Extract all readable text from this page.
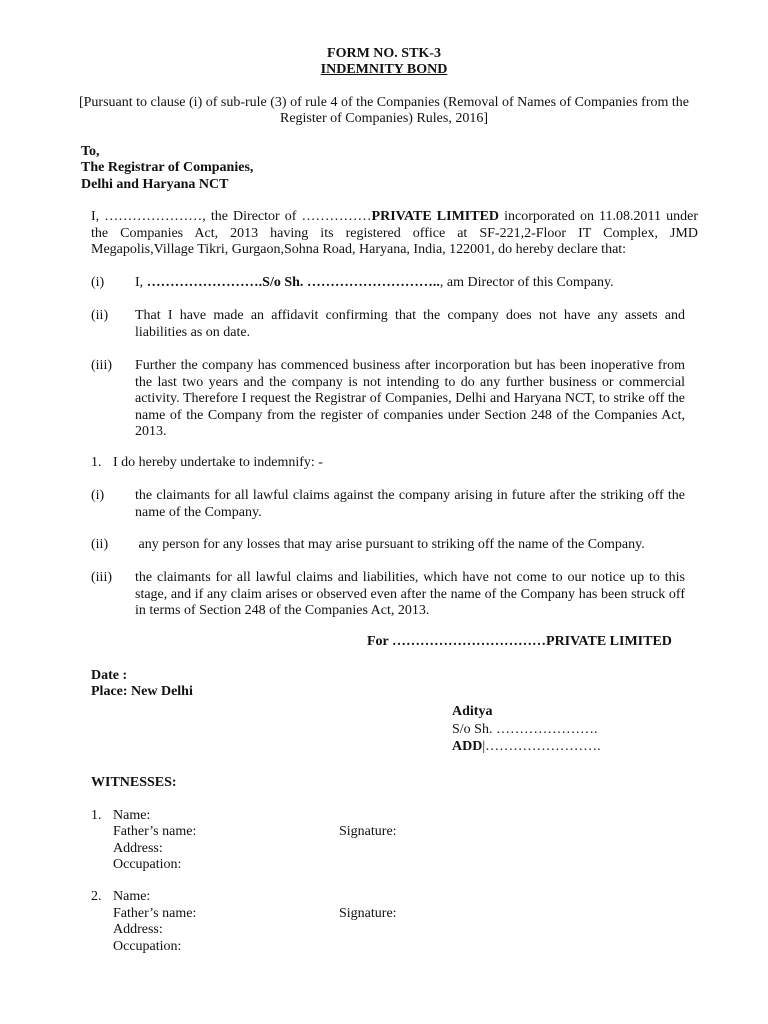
FORM NO. STK-3
INDEMNITY BOND
[Pursuant to clause (i) of sub-rule (3) of rule 4 of the Companies (Removal of Names of Companies from the
Register of Companies) Rules, 2016]
To,
The Registrar of Companies,
Delhi and Haryana NCT
I, …………………, the Director of ……………PRIVATE LIMITED incorporated on 11.08.2011 under the Companies Act, 2013 having its registered office at SF-221,2-Floor IT Complex, JMD Megapolis,Village Tikri, Gurgaon,Sohna Road, Haryana, India, 122001, do hereby declare that:
(i) I, …………………….S/o Sh. ……………………….., am Director of this Company.
(ii) That I have made an affidavit confirming that the company does not have any assets and liabilities as on date.
(iii) Further the company has commenced business after incorporation but has been inoperative from the last two years and the company is not intending to do any further business or commercial activity. Therefore I request the Registrar of Companies, Delhi and Haryana NCT, to strike off the name of the Company from the register of companies under Section 248 of the Companies Act, 2013.
1. I do hereby undertake to indemnify: -
(i) the claimants for all lawful claims against the company arising in future after the striking off the name of the Company.
(ii) any person for any losses that may arise pursuant to striking off the name of the Company.
(iii) the claimants for all lawful claims and liabilities, which have not come to our notice up to this stage, and if any claim arises or observed even after the name of the Company has been struck off in terms of Section 248 of the Companies Act, 2013.
For ……………………………PRIVATE LIMITED
Date :
Place: New Delhi
Aditya
S/o Sh. ………………….
ADD|…………………….
WITNESSES:
1. Name:
Father’s name:	Signature:
Address:
Occupation:
2. Name:
Father’s name:	Signature:
Address:
Occupation:
